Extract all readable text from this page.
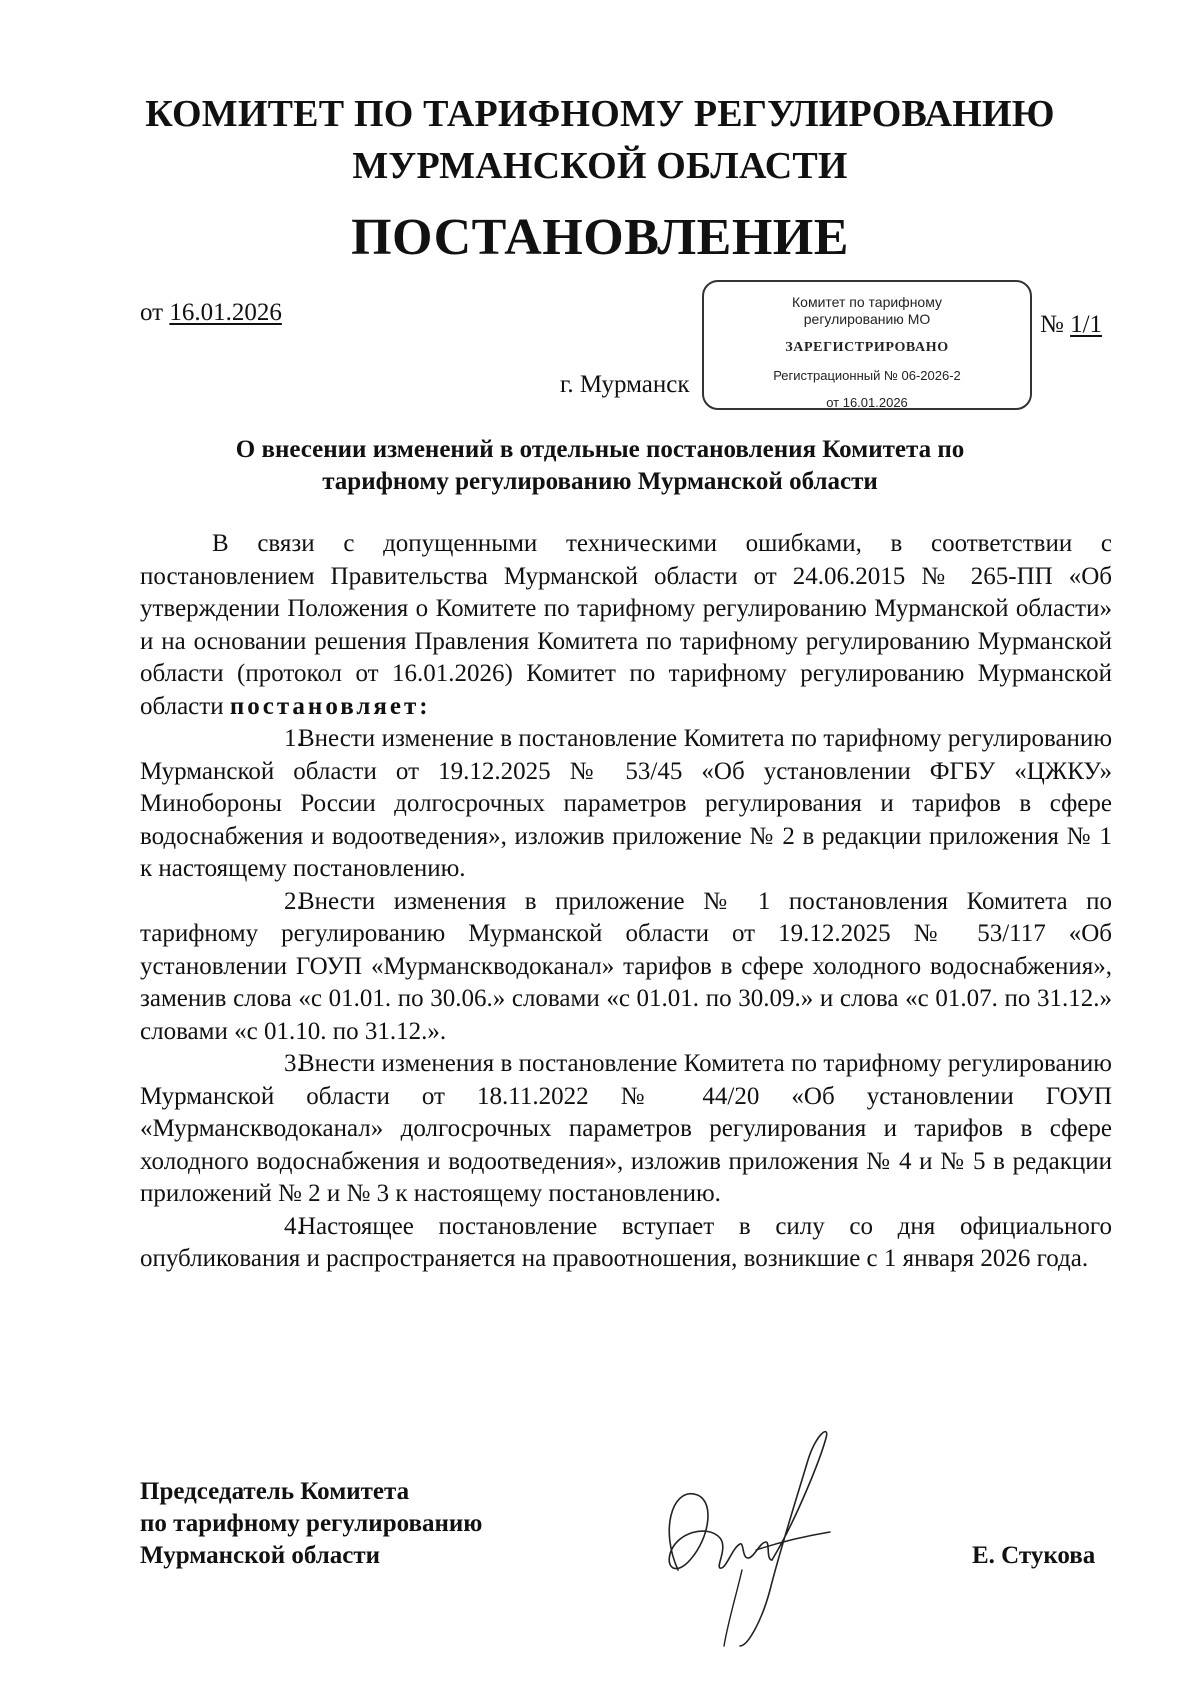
КОМИТЕТ ПО ТАРИФНОМУ РЕГУЛИРОВАНИЮ
МУРМАНСКОЙ ОБЛАСТИ
ПОСТАНОВЛЕНИЕ
от 16.01.2026	№ 1/1
г. Мурманск
Комитет по тарифному
регулированию МО
ЗАРЕГИСТРИРОВАНО
Регистрационный № 06-2026-2
от 16.01.2026
О внесении изменений в отдельные постановления Комитета по
тарифному регулированию Мурманской области

В связи с допущенными техническими ошибками, в соответствии с постановлением Правительства Мурманской области от 24.06.2015 № 265-ПП «Об утверждении Положения о Комитете по тарифному регулированию Мурманской области» и на основании решения Правления Комитета по тарифному регулированию Мурманской области (протокол от 16.01.2026) Комитет по тарифному регулированию Мурманской области постановляет:

1.Внести изменение в постановление Комитета по тарифному регулированию Мурманской области от 19.12.2025 № 53/45 «Об установлении ФГБУ «ЦЖКУ» Минобороны России долгосрочных параметров регулирования и тарифов в сфере водоснабжения и водоотведения», изложив приложение № 2 в редакции приложения № 1 к настоящему постановлению.

2.Внести изменения в приложение № 1 постановления Комитета по тарифному регулированию Мурманской области от 19.12.2025 № 53/117 «Об установлении ГОУП «Мурманскводоканал» тарифов в сфере холодного водоснабжения», заменив слова «с 01.01. по 30.06.» словами «с 01.01. по 30.09.» и слова «с 01.07. по 31.12.» словами «с 01.10. по 31.12.».

3.Внести изменения в постановление Комитета по тарифному регулированию Мурманской области от 18.11.2022 № 44/20 «Об установлении ГОУП «Мурманскводоканал» долгосрочных параметров регулирования и тарифов в сфере холодного водоснабжения и водоотведения», изложив приложения № 4 и № 5 в редакции приложений № 2 и № 3 к настоящему постановлению.

4.Настоящее постановление вступает в силу со дня официального опубликования и распространяется на правоотношения, возникшие с 1 января 2026 года.

Председатель Комитета
по тарифному регулированию
Мурманской области	Е. Стукова
